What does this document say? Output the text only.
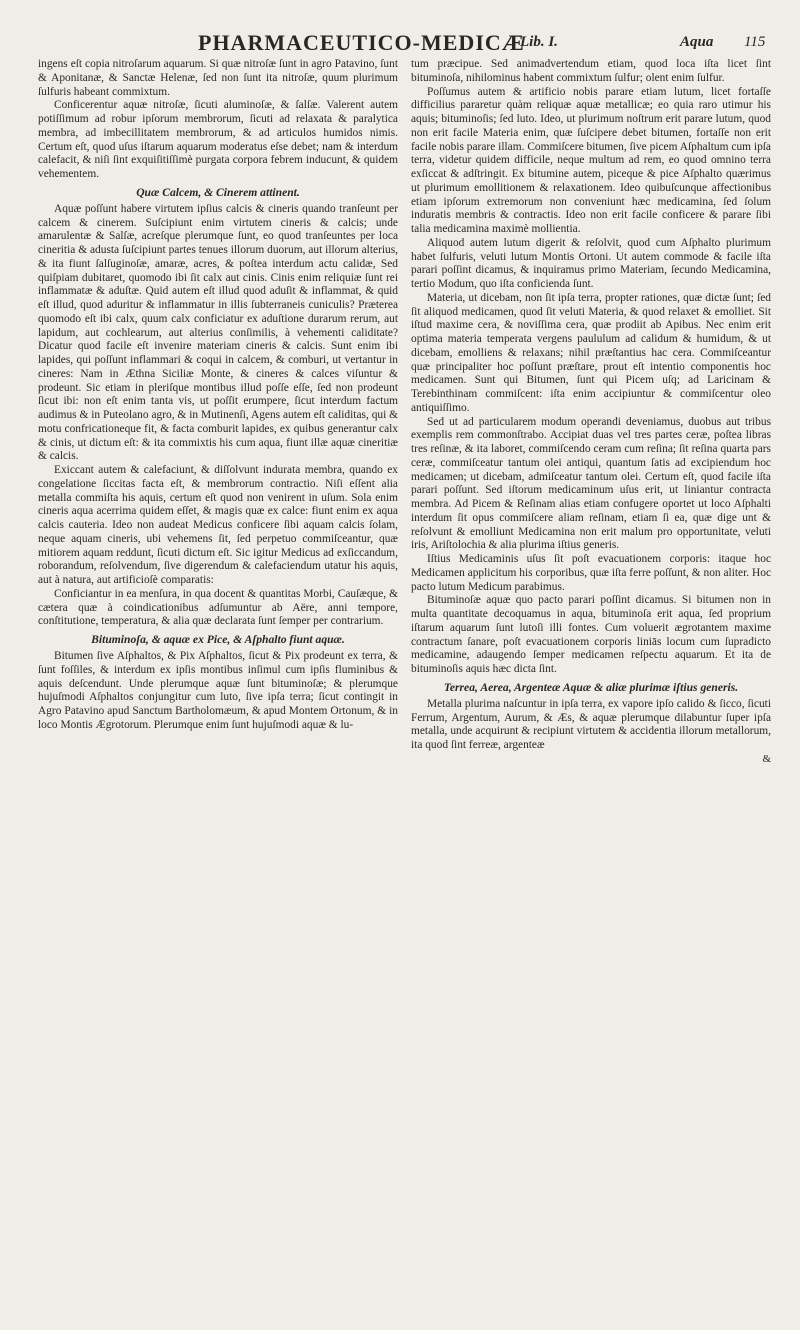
PHARMACEUTICO-MEDICÆ
Lib. I.	Aqua 115

ingens eſt copia nitroſarum aquarum. Si quæ nitroſæ ſunt in agro Patavino, ſunt & Aponitanæ, & Sanctæ Helenæ, ſed non ſunt ita nitroſæ, quum plurimum ſulfuris habeant commixtum.

Conficerentur aquæ nitroſæ, ſicuti aluminoſæ, & ſalſæ. Valerent autem potiſſimum ad robur ipſorum membrorum, ſicuti ad relaxata & paralytica membra, ad imbecillitatem membrorum, & ad articulos humidos nimis. Certum eſt, quod uſus iſtarum aquarum moderatus eſse debet; nam & interdum calefacit, & niſi ſint exquiſitiſſimè purgata corpora febrem inducunt, & quidem vehementem.

Quæ Calcem, & Cinerem attinent.

Aquæ poſſunt habere virtutem ipſius calcis & cineris quando tranſeunt per calcem & cinerem. Suſcipiunt enim virtutem cineris & calcis; unde amarulentæ & Salſæ, acreſque plerumque ſunt, eo quod tranſeuntes per loca cineritia & adusta ſuſcipiunt partes tenues illorum duorum, aut illorum alterius, & ita fiunt ſalſuginoſæ, amaræ, acres, & poſtea interdum actu calidæ, Sed quiſpiam dubitaret, quomodo ibi ſit calx aut cinis. Cinis enim reliquiæ ſunt rei inflammatæ & aduſtæ. Quid autem eſt illud quod aduſit & inflammat, & quid eſt illud, quod aduritur & inflammatur in illis ſubterraneis cuniculis? Præterea quomodo eſt ibi calx, quum calx conficiatur ex aduſtione durarum rerum, aut lapidum, aut cochlearum, aut alterius conſimilis, à vehementi caliditate? Dicatur quod facile eſt invenire materiam cineris & calcis. Sunt enim ibi lapides, qui poſſunt inflammari & coqui in calcem, & comburi, ut vertantur in cineres: Nam in Æthna Siciliæ Monte, & cineres & calces viſuntur & prodeunt. Sic etiam in pleriſque montibus illud poſſe eſſe, ſed non prodeunt ſicut ibi: non eſt enim tanta vis, ut poſſit erumpere, ſicut interdum factum audimus & in Puteolano agro, & in Mutinenſi, Agens autem eſt caliditas, qui & motu confricationeque fit, & facta comburit lapides, ex quibus generantur calx & cinis, ut dictum eſt: & ita commixtis his cum aqua, fiunt illæ aquæ cineritiæ & calcis.

Exiccant autem & calefaciunt, & diſſolvunt indurata membra, quando ex congelatione ſiccitas facta eſt, & membrorum contractio. Niſi eſſent alia metalla commiſta his aquis, certum eſt quod non venirent in uſum. Sola enim cineris aqua acerrima quidem eſſet, & magis quæ ex calce: fiunt enim ex aqua calcis cauteria. Ideo non audeat Medicus conficere ſibi aquam calcis ſolam, neque aquam cineris, ubi vehemens ſit, ſed perpetuo commiſceantur, quæ mitiorem aquam reddunt, ſicuti dictum eſt. Sic igitur Medicus ad exſiccandum, roborandum, reſolvendum, ſive digerendum & calefaciendum utatur his aquis, aut à natura, aut artificioſè comparatis:

Conficiantur in ea menſura, in qua docent & quantitas Morbi, Cauſæque, & cætera quæ à coindicationibus adſumuntur ab Aëre, anni tempore, conſtitutione, temperatura, & alia quæ declarata ſunt ſemper per contrarium.

Bituminoſa, & aquæ ex Pice, & Aſphalto fiunt aquæ.

Bitumen ſive Aſphaltos, & Pix Aſphaltos, ſicut & Pix prodeunt ex terra, & ſunt foſſiles, & interdum ex ipſis montibus inſimul cum ipſis fluminibus & aquis deſcendunt. Unde plerumque aquæ ſunt bituminoſæ; & plerumque hujuſmodi Aſphaltos conjungitur cum luto, ſive ipſa terra; ſicut contingit in Agro Patavino apud Sanctum Bartholomæum, & apud Montem Ortonum, & in loco Montis Ægrotorum. Plerumque enim ſunt hujuſmodi aquæ & lu-

tum præcipue. Sed animadvertendum etiam, quod loca iſta licet ſint bituminoſa, nihilominus habent commixtum ſulfur; olent enim ſulfur.

Poſſumus autem & artificio nobis parare etiam lutum, licet fortaſſe difficilius pararetur quàm reliquæ aquæ metallicæ; eo quia raro utimur his aquis; bituminoſis; ſed luto. Ideo, ut plurimum noſtrum erit parare lutum, quod non erit facile Materia enim, quæ ſuſcipere debet bitumen, fortaſſe non erit facile nobis parare illam. Commiſcere bitumen, ſive picem Aſphaltum cum ipſa terra, videtur quidem difficile, neque multum ad rem, eo quod omnino terra exſiccat & adſtringit. Ex bituminе autem, piceque & pice Aſphalto quærimus ut plurimum emollitionem & relaxationem. Ideo quibuſcunque affectionibus etiam ipſorum extremorum non conveniunt hæc medicamina, ſed ſolum induratis membris & contractis. Ideo non erit facile conficere & parare ſibi talia medicamina maximè mollientia.

Aliquod autem lutum digerit & reſolvit, quod cum Aſphalto plurimum habet ſulfuris, veluti lutum Montis Ortoni. Ut autem commode & facile iſta parari poſſint dicamus, & inquiramus primo Materiam, ſecundo Medicamina, tertio Modum, quo iſta conficienda ſunt.

Materia, ut dicebam, non ſit ipſa terra, propter rationes, quæ dictæ ſunt; ſed ſit aliquod medicamen, quod ſit veluti Materia, & quod relaxet & emolliet. Sit iſtud maxime cera, & noviſſima cera, quæ prodiit ab Apibus. Nec enim erit optima materia temperata vergens paululum ad calidum & humidum, & ut dicebam, emolliens & relaxans; nihil præſtantius hac cera. Commiſceantur quæ principaliter hoc poſſunt præſtare, prout eſt intentio componentis hoc medicamen. Sunt qui Bitumen, ſunt qui Picem uſq; ad Laricinam & Terebinthinam commiſcent: iſta enim accipiuntur & commiſcentur oleo antiquiſſimo.

Sed ut ad particularem modum operandi deveniamus, duobus aut tribus exemplis rem commonſtrabo. Accipiat duas vel tres partes ceræ, poſtea libras tres reſinæ, & ita laboret, commiſcendo ceram cum reſina; ſit reſina quarta pars ceræ, commiſceatur tantum olei antiqui, quantum ſatis ad excipiendum hoc medicamen; ut dicebam, admiſceatur tantum olei. Certum eſt, quod facile iſta parari poſſunt. Sed iſtorum medicaminum uſus erit, ut liniantur contracta membra. Ad Picem & Reſinam alias etiam confugere oportet ut loco Aſphalti interdum ſit opus commiſcere aliam reſinam, etiam ſi ea, quæ dige unt & reſolvunt & emolliunt Medicamina non erit malum pro opportunitate, veluti iris, Ariſtolochia & alia plurima iſtius generis.

Iſtius Medicaminis uſus ſit poſt evacuationem corporis: itaque hoc Medicamen applicitum his corporibus, quæ iſta ferre poſſunt, & non aliter. Hoc pacto lutum Medicum parabimus.

Bituminoſæ aquæ quo pacto parari poſſint dicamus. Si bitumen non in multa quantitate decoquamus in aqua, bituminoſa erit aqua, ſed proprium iſtarum aquarum ſunt lutoſi illi fontes. Cum voluerit ægrotantem maxime contractum ſanare, poſt evacuationem corporis liniās locum cum ſupradicto medicamine, adaugendo ſemper medicamen reſpectu aquarum. Et ita de bituminoſis aquis hæc dicta ſint.

Terrea, Aerea, Argenteæ Aquæ & aliæ plurimæ iſtius generis.

Metalla plurima naſcuntur in ipſa terra, ex vapore ipſo calido & ſicco, ſicuti Ferrum, Argentum, Aurum, & Æs, & aquæ plerumque dilabuntur ſuper ipſa metalla, unde acquirunt & recipiunt virtutem & accidentia illorum metallorum, ita quod ſint ferreæ, argenteæ

&
